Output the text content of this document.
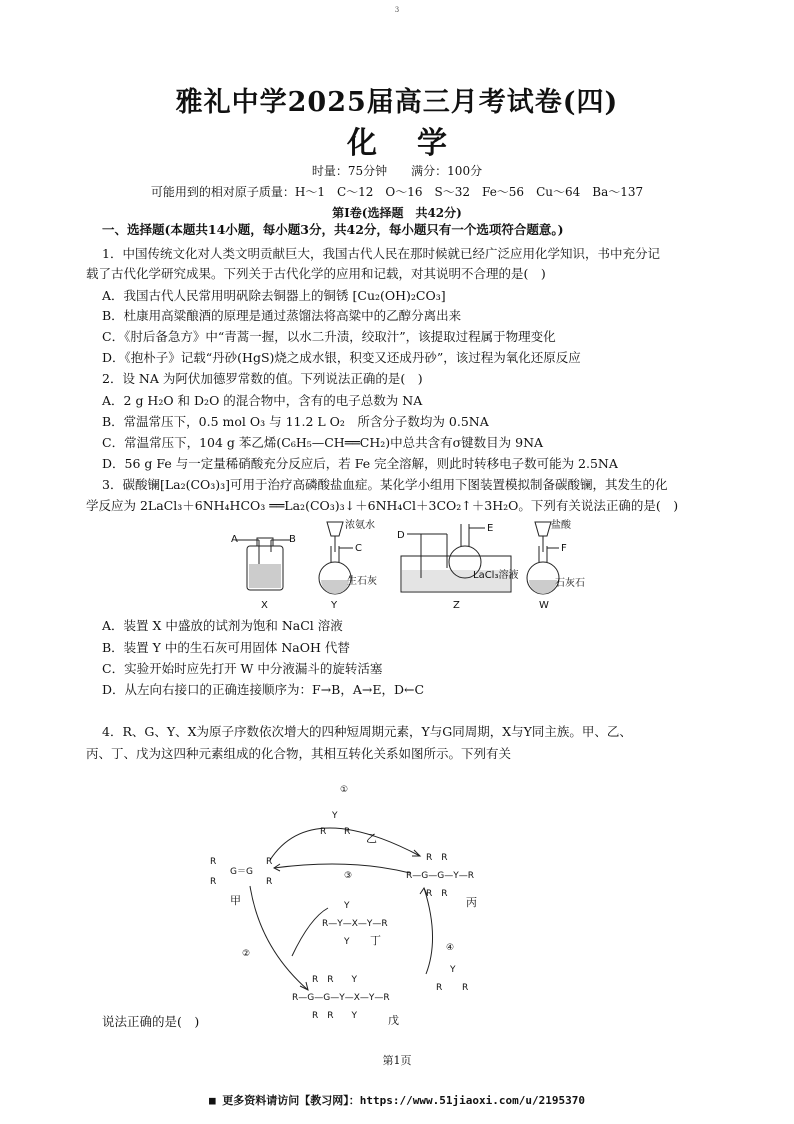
3
雅礼中学2025届高三月考试卷(四)
化学
时量：75分钟　　满分：100分
可能用到的相对原子质量：H～1　C～12　O～16　S～32　Fe～56　Cu～64　Ba～137
第Ⅰ卷(选择题　共42分)
一、选择题(本题共14小题，每小题3分，共42分，每小题只有一个选项符合题意。)
1．中国传统文化对人类文明贡献巨大，我国古代人民在那时候就已经广泛应用化学知识，书中充分记
载了古代化学研究成果。下列关于古代化学的应用和记载，对其说明不合理的是(　)
A．我国古代人民常用明矾除去铜器上的铜锈 [Cu₂(OH)₂CO₃]
B．杜康用高粱酿酒的原理是通过蒸馏法将高粱中的乙醇分离出来
C．《肘后备急方》中“青蒿一握，以水二升渍，绞取汁”，该提取过程属于物理变化
D．《抱朴子》记载“丹砂(HgS)烧之成水银，积变又还成丹砂”，该过程为氧化还原反应
2．设 NA 为阿伏加德罗常数的值。下列说法正确的是(　)
A．2 g H₂O 和 D₂O 的混合物中，含有的电子总数为 NA
B．常温常压下，0.5 mol O₃ 与 11.2 L O₂　所含分子数均为 0.5NA
C．常温常压下，104 g 苯乙烯(C₆H₅—CH══CH₂)中总共含有σ键数目为 9NA
D．56 g Fe 与一定量稀硝酸充分反应后，若 Fe 完全溶解，则此时转移电子数可能为 2.5NA
3．碳酸镧[La₂(CO₃)₃]可用于治疗高磷酸盐血症。某化学小组用下图装置模拟制备碳酸镧，其发生的化
学反应为 2LaCl₃＋6NH₄HCO₃ ══La₂(CO₃)₃↓＋6NH₄Cl＋3CO₂↑＋3H₂O。下列有关说法正确的是(　)
A	B
X
浓氨水
C
生石灰
Y
D
E
LaCl₃溶液
Z
盐酸
F
石灰石
W
A．装置 X 中盛放的试剂为饱和 NaCl 溶液
B．装置 Y 中的生石灰可用固体 NaOH 代替
C．实验开始时应先打开 W 中分液漏斗的旋转活塞
D．从左向右接口的正确连接顺序为：F→B，A→E，D←C
4．R、G、Y、X为原子序数依次增大的四种短周期元素，Y与G同周期，X与Y同主族。甲、乙、
丙、丁、戊为这四种元素组成的化合物，其相互转化关系如图所示。下列有关
①
③
②
④
R
R
G＝G
R
R
甲
Y
R R 乙
R　R
R—G—G—Y—R
R　R
丙
Y
R—Y—X—Y—R
Y 丁
R　R　　Y
R—G—G—Y—X—Y—R
R　R　　Y	戊
Y
R R
说法正确的是(　)
第1页
■ 更多资料请访问【教习网】：https://www.51jiaoxi.com/u/2195370
